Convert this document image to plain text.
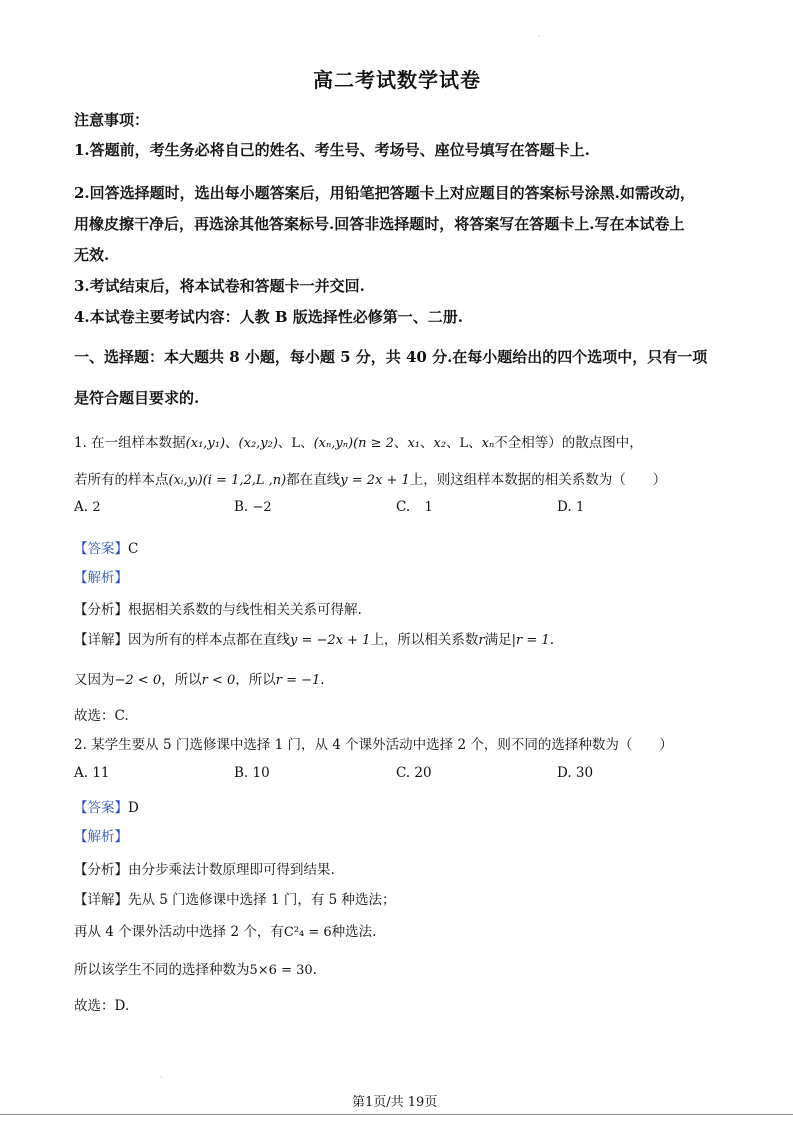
·
高二考试数学试卷
注意事项：
1.答题前，考生务必将自己的姓名、考生号、考场号、座位号填写在答题卡上.
2.回答选择题时，选出每小题答案后，用铅笔把答题卡上对应题目的答案标号涂黑.如需改动，
用橡皮擦干净后，再选涂其他答案标号.回答非选择题时，将答案写在答题卡上.写在本试卷上
无效.
3.考试结束后，将本试卷和答题卡一并交回.
4.本试卷主要考试内容：人教 B 版选择性必修第一、二册.
一、选择题：本大题共 8 小题，每小题 5 分，共 40 分.在每小题给出的四个选项中，只有一项
是符合题目要求的.
1. 在一组样本数据(x₁,y₁)、(x₂,y₂)、L、(xₙ,yₙ)(n ≥ 2、x₁、x₂、L、xₙ不全相等）的散点图中，
若所有的样本点(xᵢ,yᵢ)(i = 1,2,L ,n)都在直线y = 2x + 1上，则这组样本数据的相关系数为（　　）
A. 2	B. −2	C. 1	D. 1
【答案】C
【解析】
【分析】根据相关系数的与线性相关关系可得解.
【详解】因为所有的样本点都在直线y = −2x + 1上，所以相关系数r满足|r = 1.
又因为−2 < 0，所以r < 0，所以r = −1.
故选：C.
2. 某学生要从 5 门选修课中选择 1 门，从 4 个课外活动中选择 2 个，则不同的选择种数为（　　）
A. 11	B. 10	C. 20	D. 30
【答案】D
【解析】
【分析】由分步乘法计数原理即可得到结果.
【详解】先从 5 门选修课中选择 1 门，有 5 种选法；
再从 4 个课外活动中选择 2 个，有C²₄ = 6种选法.
所以该学生不同的选择种数为5×6 = 30.
故选：D.
·
第1页/共 19页
